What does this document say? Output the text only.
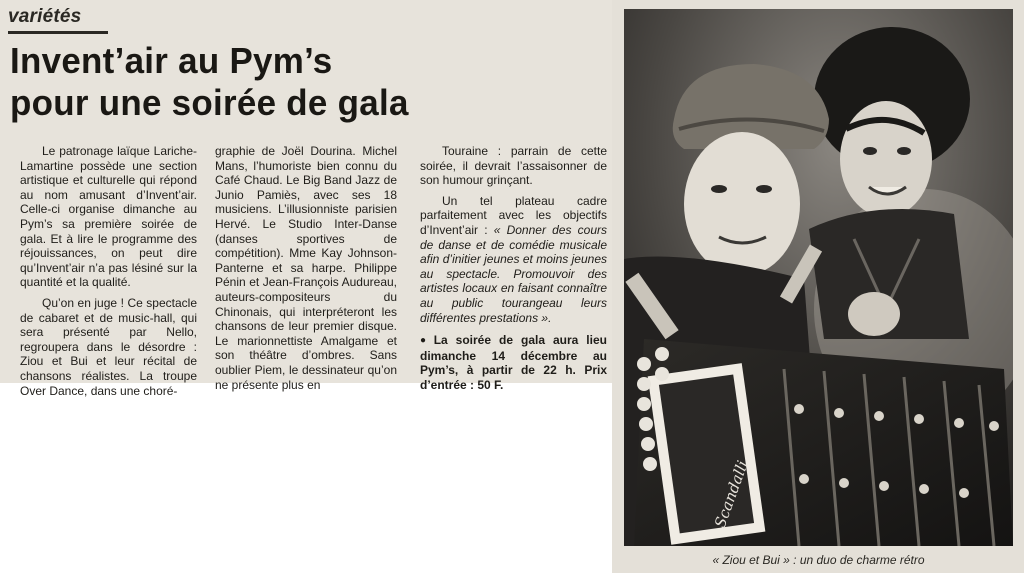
variétés
Invent’air au Pym’s
pour une soirée de gala

Le patronage laïque Lariche-Lamartine possède une section artistique et culturelle qui répond au nom amusant d’Invent’air. Celle-ci organise dimanche au Pym’s sa première soirée de gala. Et à lire le programme des réjouissances, on peut dire qu’Invent’air n’a pas lésiné sur la quantité et la qualité.

Qu’on en juge ! Ce spectacle de cabaret et de music-hall, qui sera présenté par Nello, regroupera dans le désordre : Ziou et Bui et leur récital de chansons réalistes. La troupe Over Dance, dans une choré-

graphie de Joël Dourina. Michel Mans, l’humoriste bien connu du Café Chaud. Le Big Band Jazz de Junio Pamiès, avec ses 18 musiciens. L’illusionniste parisien Hervé. Le Studio Inter-Danse (danses sportives de compétition). Mme Kay Johnson-Panterne et sa harpe. Philippe Pénin et Jean-François Audureau, auteurs-compositeurs du Chinonais, qui interpréteront les chansons de leur premier disque. Le marionnettiste Amalgame et son théâtre d’ombres. Sans oublier Piem, le dessinateur qu’on ne présente plus en

Touraine : parrain de cette soirée, il devrait l’assaisonner de son humour grinçant.

Un tel plateau cadre parfaitement avec les objectifs d’Invent’air : « Donner des cours de danse et de comédie musicale afin d’initier jeunes et moins jeunes au spectacle. Promouvoir des artistes locaux en faisant connaître au public tourangeau leurs différentes prestations ».

● La soirée de gala aura lieu dimanche 14 décembre au Pym’s, à partir de 22 h. Prix d’entrée : 50 F.

Scandalli
« Ziou et Bui » : un duo de charme rétro
